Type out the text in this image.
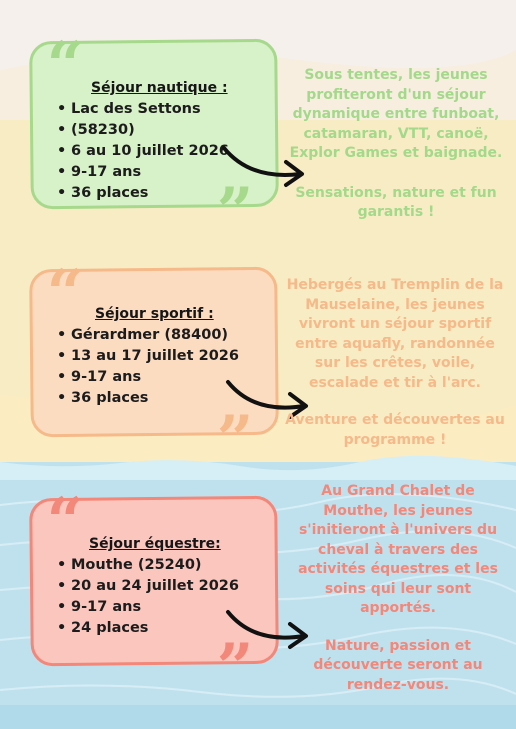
“
”
Séjour nautique :
• Lac des Settons
• (58230)
• 6 au 10 juillet 2026
• 9-17 ans
• 36 places

Sous tentes, les jeunes profiteront d'un séjour dynamique entre funboat, catamaran, VTT, canoë, Explor Games et baignade.

Sensations, nature et fun garantis !

“
”
Séjour sportif :
• Gérardmer (88400)
• 13 au 17 juillet 2026
• 9-17 ans
• 36 places

Hebergés au Tremplin de la Mauselaine, les jeunes vivront un séjour sportif entre aquafly, randonnée sur les crêtes, voile, escalade et tir à l'arc.

Aventure et découvertes au programme !

“
”
Séjour équestre:
• Mouthe (25240)
• 20 au 24 juillet 2026
• 9-17 ans
• 24 places

Au Grand Chalet de Mouthe, les jeunes s'initieront à l'univers du cheval à travers des activités équestres et les soins qui leur sont apportés.

Nature, passion et découverte seront au rendez-vous.
